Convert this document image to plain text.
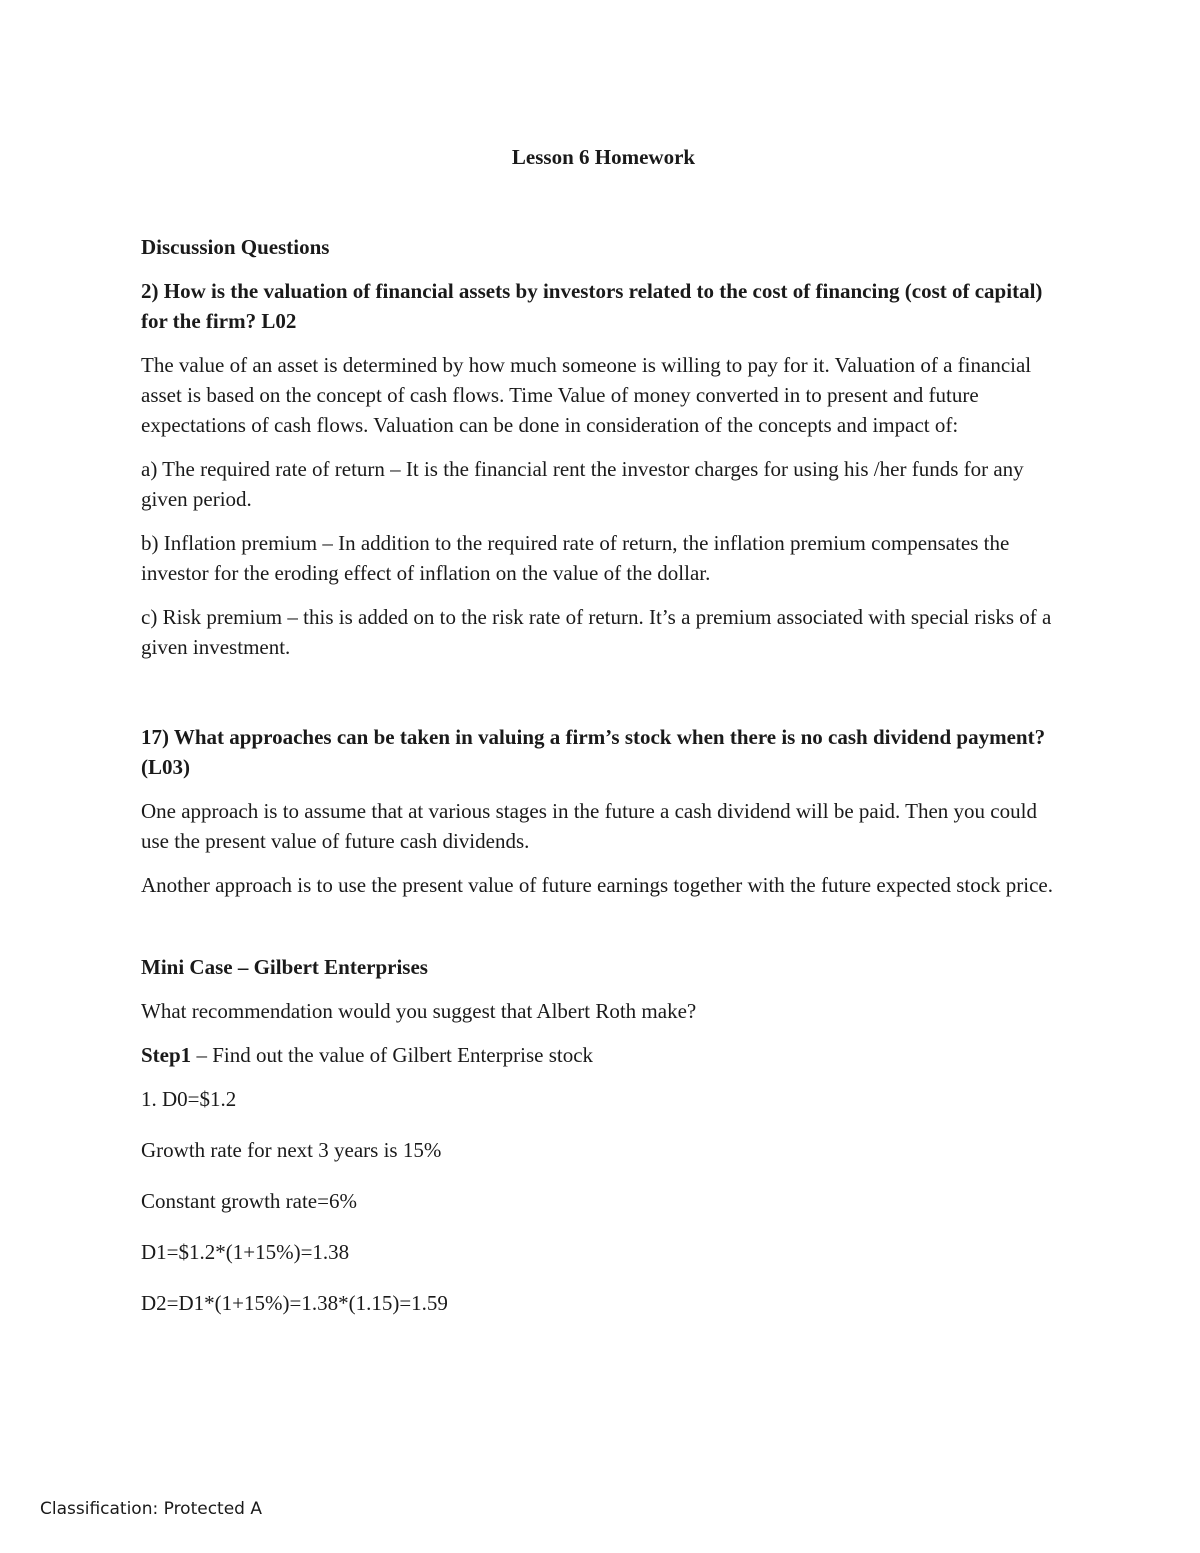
Lesson 6 Homework
Discussion Questions
2) How is the valuation of financial assets by investors related to the cost of financing (cost of capital) for the firm? L02

The value of an asset is determined by how much someone is willing to pay for it. Valuation of a financial asset is based on the concept of cash flows. Time Value of money converted in to present and future expectations of cash flows. Valuation can be done in consideration of the concepts and impact of:

a) The required rate of return – It is the financial rent the investor charges for using his /her funds for any given period.

b) Inflation premium – In addition to the required rate of return, the inflation premium compensates the investor for the eroding effect of inflation on the value of the dollar.

c) Risk premium – this is added on to the risk rate of return. It’s a premium associated with special risks of a given investment.

17) What approaches can be taken in valuing a firm’s stock when there is no cash dividend payment? (L03)

One approach is to assume that at various stages in the future a cash dividend will be paid. Then you could use the present value of future cash dividends.

Another approach is to use the present value of future earnings together with the future expected stock price.

Mini Case – Gilbert Enterprises

What recommendation would you suggest that Albert Roth make?

Step1 – Find out the value of Gilbert Enterprise stock

1. D0=$1.2
Growth rate for next 3 years is 15%
Constant growth rate=6%
D1=$1.2*(1+15%)=1.38
D2=D1*(1+15%)=1.38*(1.15)=1.59
Classification: Protected A
